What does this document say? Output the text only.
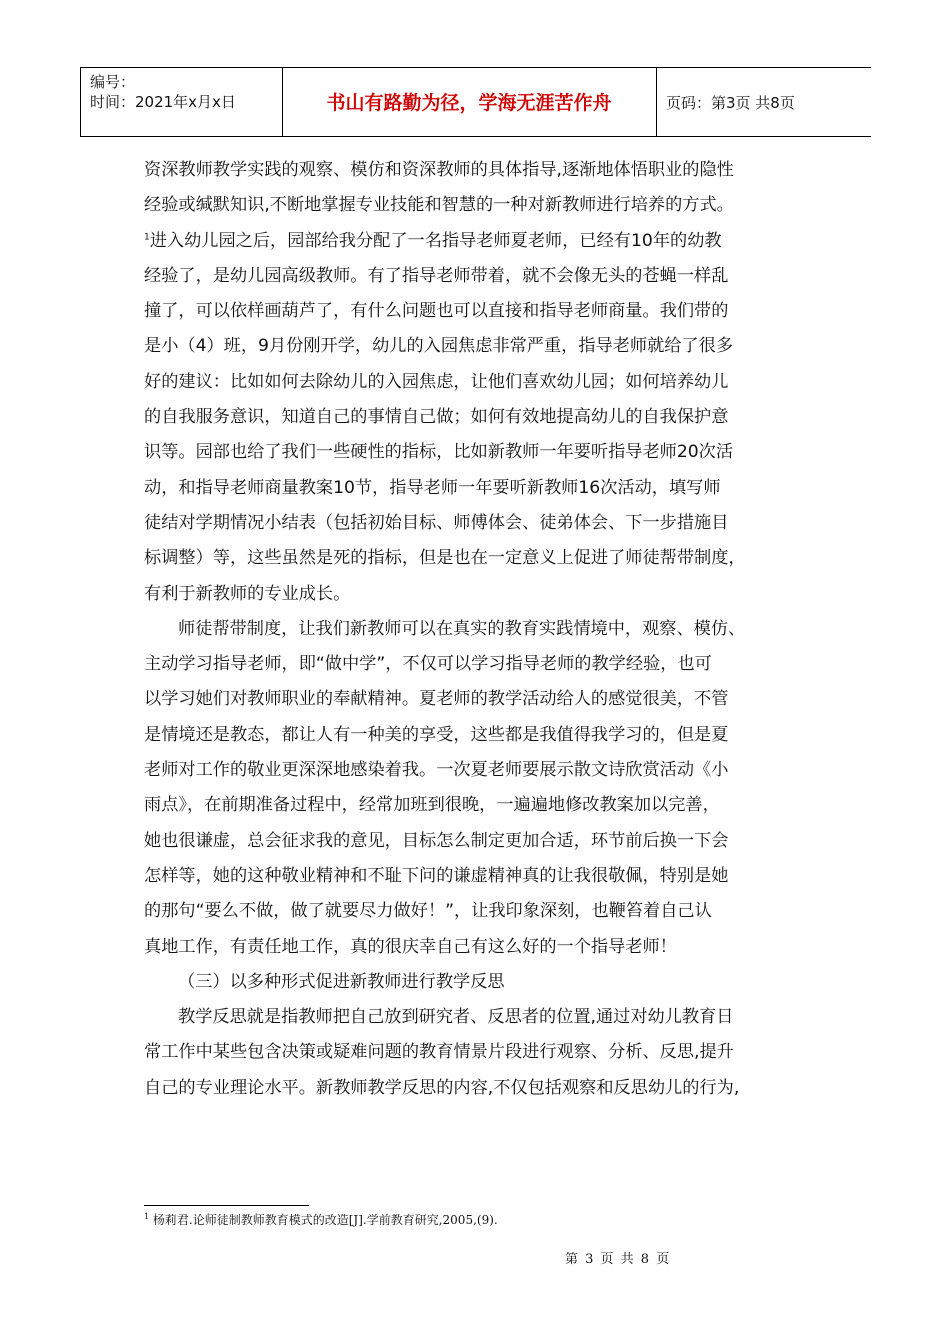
编号：
时间：2021年x月x日	书山有路勤为径，学海无涯苦作舟	页码：第3页 共8页
资深教师教学实践的观察、模仿和资深教师的具体指导,逐渐地体悟职业的隐性
经验或缄默知识,不断地掌握专业技能和智慧的一种对新教师进行培养的方式。
$^1$进入幼儿园之后，园部给我分配了一名指导老师夏老师，已经有10年的幼教
经验了，是幼儿园高级教师。有了指导老师带着，就不会像无头的苍蝇一样乱
撞了，可以依样画葫芦了，有什么问题也可以直接和指导老师商量。我们带的
是小（4）班，9月份刚开学，幼儿的入园焦虑非常严重，指导老师就给了很多
好的建议：比如如何去除幼儿的入园焦虑，让他们喜欢幼儿园；如何培养幼儿
的自我服务意识，知道自己的事情自己做；如何有效地提高幼儿的自我保护意
识等。园部也给了我们一些硬性的指标，比如新教师一年要听指导老师20次活
动，和指导老师商量教案10节，指导老师一年要听新教师16次活动，填写师
徒结对学期情况小结表（包括初始目标、师傅体会、徒弟体会、下一步措施目
标调整）等，这些虽然是死的指标，但是也在一定意义上促进了师徒帮带制度，
有利于新教师的专业成长。
师徒帮带制度，让我们新教师可以在真实的教育实践情境中，观察、模仿、
主动学习指导老师，即“做中学”，不仅可以学习指导老师的教学经验，也可
以学习她们对教师职业的奉献精神。夏老师的教学活动给人的感觉很美，不管
是情境还是教态，都让人有一种美的享受，这些都是我值得我学习的，但是夏
老师对工作的敬业更深深地感染着我。一次夏老师要展示散文诗欣赏活动《小
雨点》，在前期准备过程中，经常加班到很晚，一遍遍地修改教案加以完善，
她也很谦虚，总会征求我的意见，目标怎么制定更加合适，环节前后换一下会
怎样等，她的这种敬业精神和不耻下问的谦虚精神真的让我很敬佩，特别是她
的那句“要么不做，做了就要尽力做好！”，让我印象深刻，也鞭笞着自己认
真地工作，有责任地工作，真的很庆幸自己有这么好的一个指导老师！
（三）以多种形式促进新教师进行教学反思
教学反思就是指教师把自己放到研究者、反思者的位置,通过对幼儿教育日
常工作中某些包含决策或疑难问题的教育情景片段进行观察、分析、反思,提升
自己的专业理论水平。新教师教学反思的内容,不仅包括观察和反思幼儿的行为,
$^1$ 杨莉君.论师徒制教师教育模式的改造[J].学前教育研究,2005,(9).
第 3 页 共 8 页
